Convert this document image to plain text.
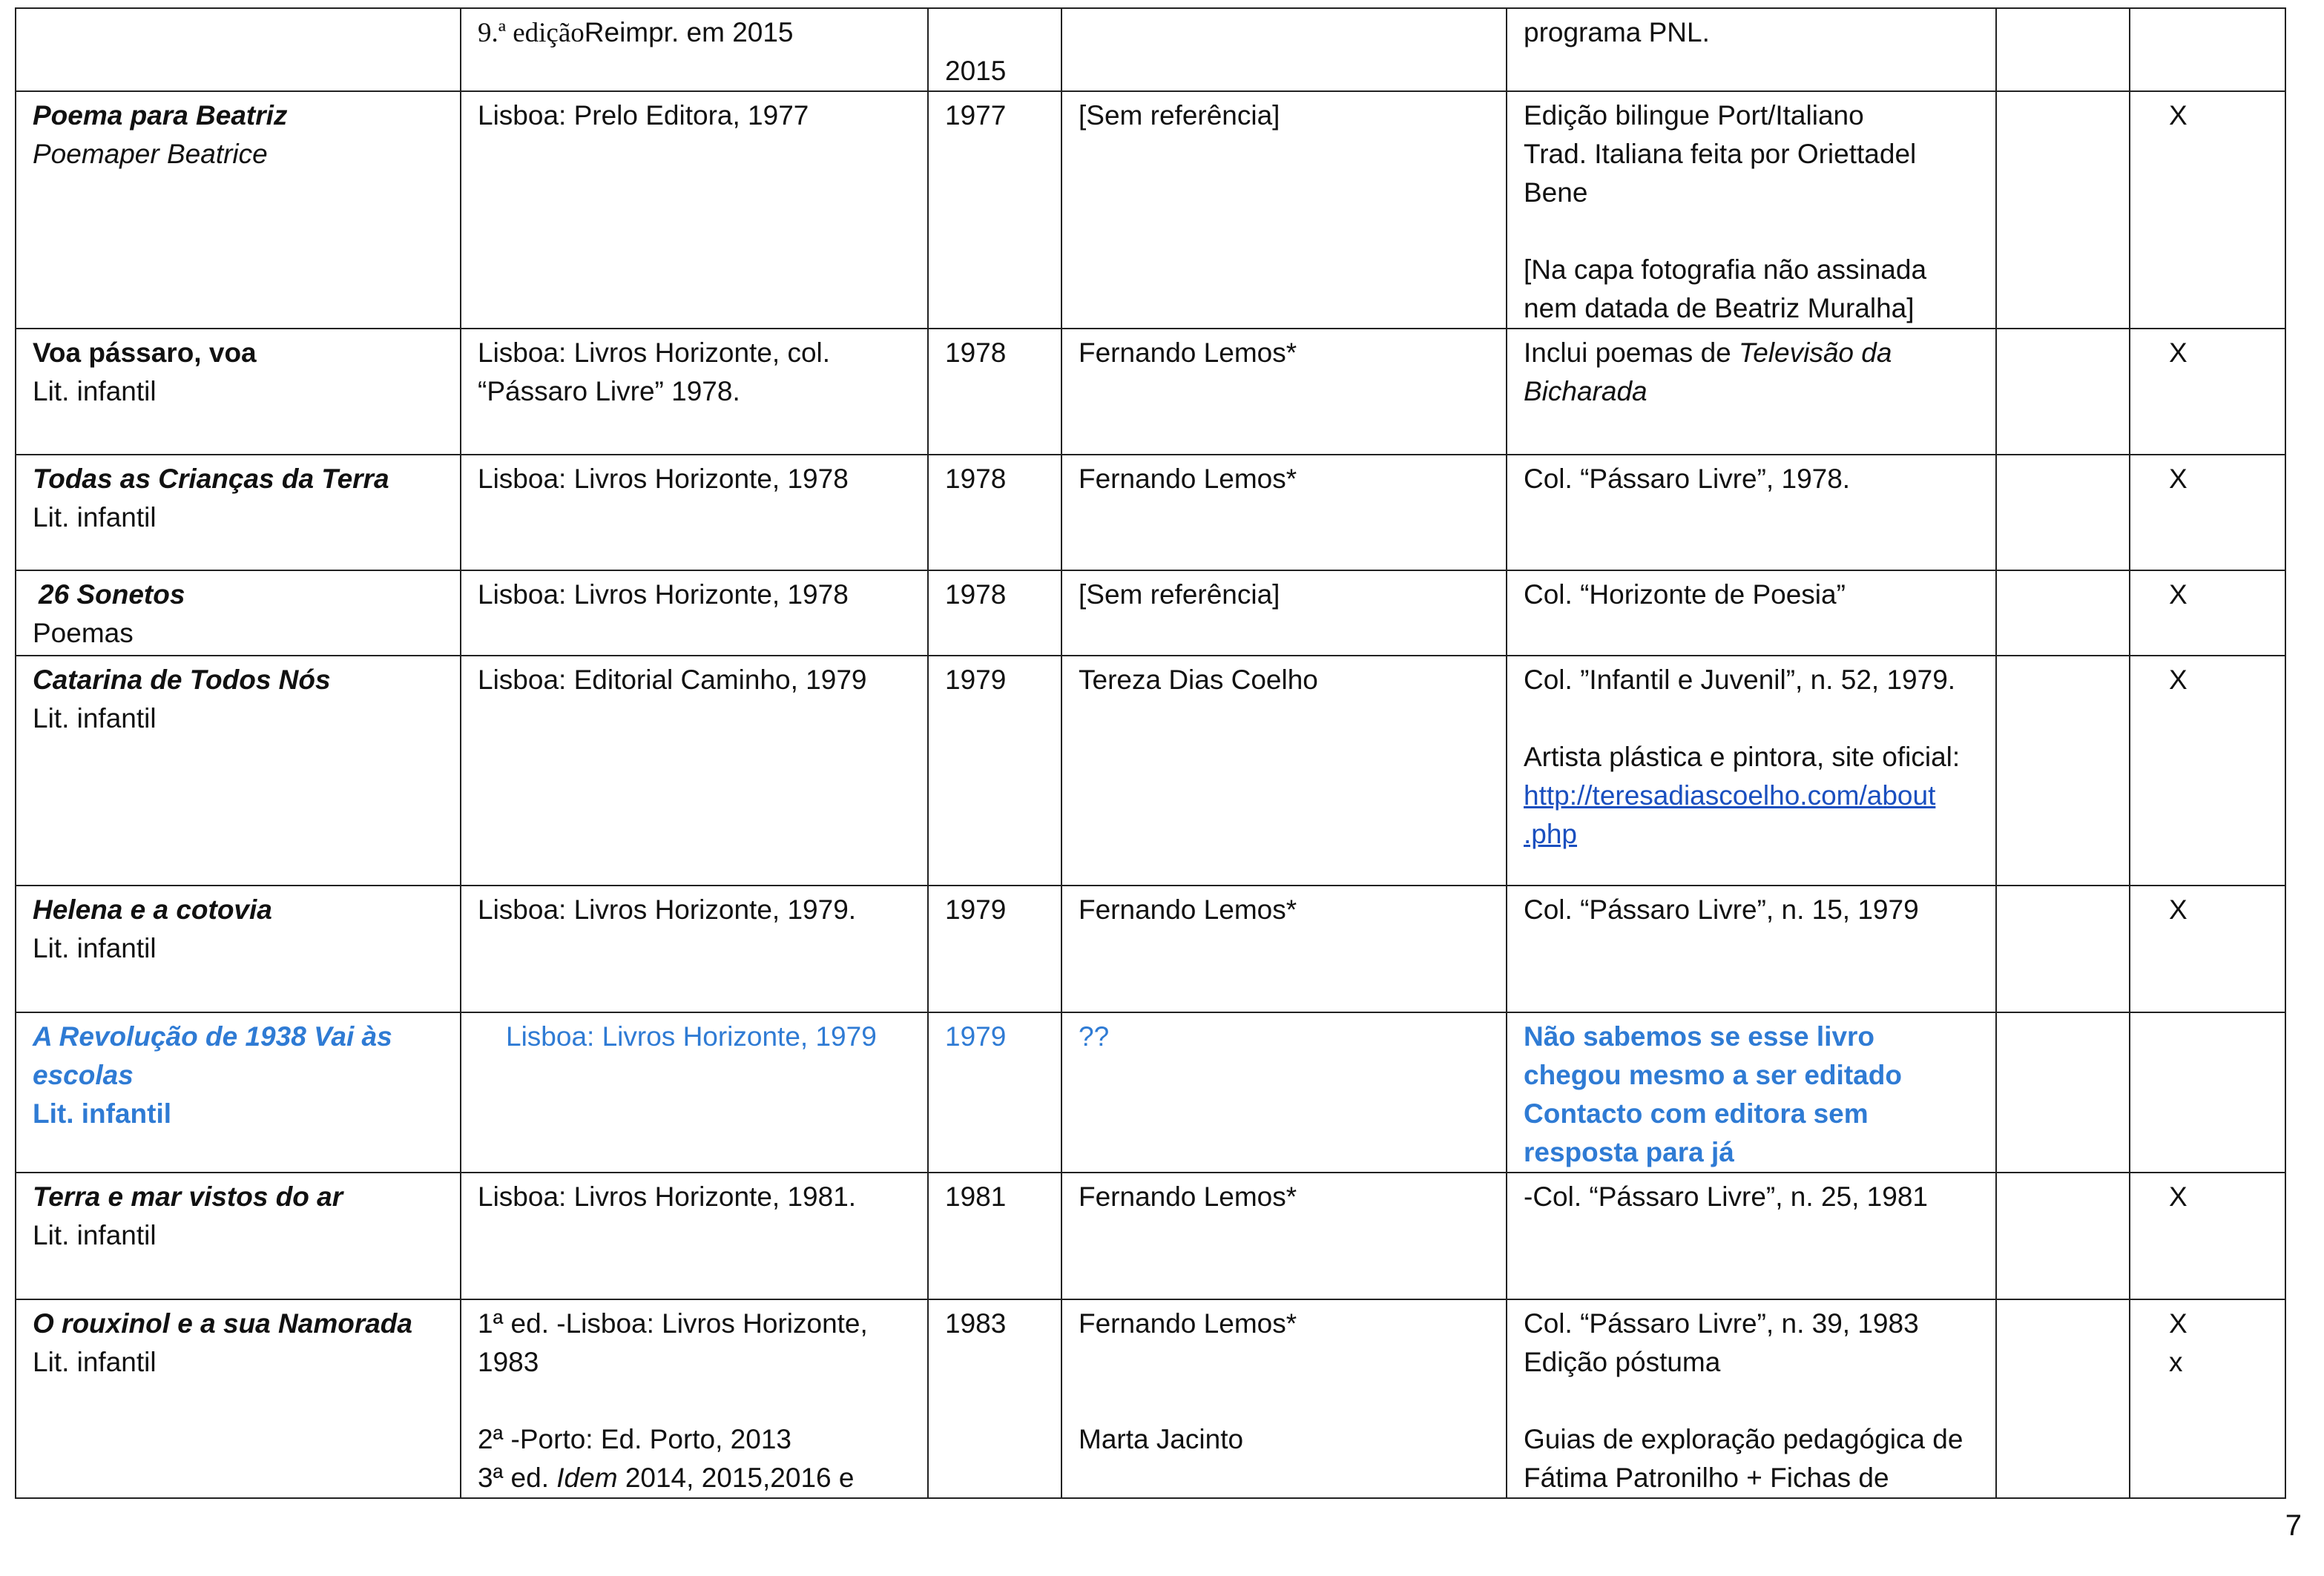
	9.ª ediçãoReimpr. em 2015	2015		programa PNL.		

Poema para Beatriz
Poemaper Beatrice	Lisboa: Prelo Editora, 1977	1977	[Sem referência]	Edição bilingue Port/Italiano
Trad. Italiana feita por Oriettadel Bene
[Na capa fotografia não assinada nem datada de Beatriz Muralha]		X

Voa pássaro, voa
Lit. infantil	Lisboa: Livros Horizonte, col. “Pássaro Livre” 1978.	1978	Fernando Lemos*	Inclui poemas de Televisão da Bicharada		X

Todas as Crianças da Terra
Lit. infantil	Lisboa: Livros Horizonte, 1978	1978	Fernando Lemos*	Col. “Pássaro Livre”, 1978.		X

26 Sonetos
Poemas	Lisboa: Livros Horizonte, 1978	1978	[Sem referência]	Col. “Horizonte de Poesia”		X

Catarina de Todos Nós
Lit. infantil	Lisboa: Editorial Caminho, 1979	1979	Tereza Dias Coelho	Col. ”Infantil e Juvenil”, n. 52, 1979.
Artista plástica e pintora, site oficial:
http://teresadiascoelho.com/about
.php		X

Helena e a cotovia
Lit. infantil	Lisboa: Livros Horizonte, 1979.	1979	Fernando Lemos*	Col. “Pássaro Livre”, n. 15, 1979		X

A Revolução de 1938 Vai às escolas
Lit. infantil	Lisboa: Livros Horizonte, 1979	1979	??	Não sabemos se esse livro chegou mesmo a ser editado
Contacto com editora sem resposta para já		

Terra e mar vistos do ar
Lit. infantil	Lisboa: Livros Horizonte, 1981.	1981	Fernando Lemos*	-Col. “Pássaro Livre”, n. 25, 1981		X

O rouxinol e a sua Namorada
Lit. infantil	1ª ed. -Lisboa: Livros Horizonte, 1983
2ª -Porto: Ed. Porto, 2013
3ª ed. Idem 2014, 2015,2016 e	1983	Fernando Lemos*
Marta Jacinto	Col. “Pássaro Livre”, n. 39, 1983
Edição póstuma
Guias de exploração pedagógica de Fátima Patronilho + Fichas de		X
x
7
